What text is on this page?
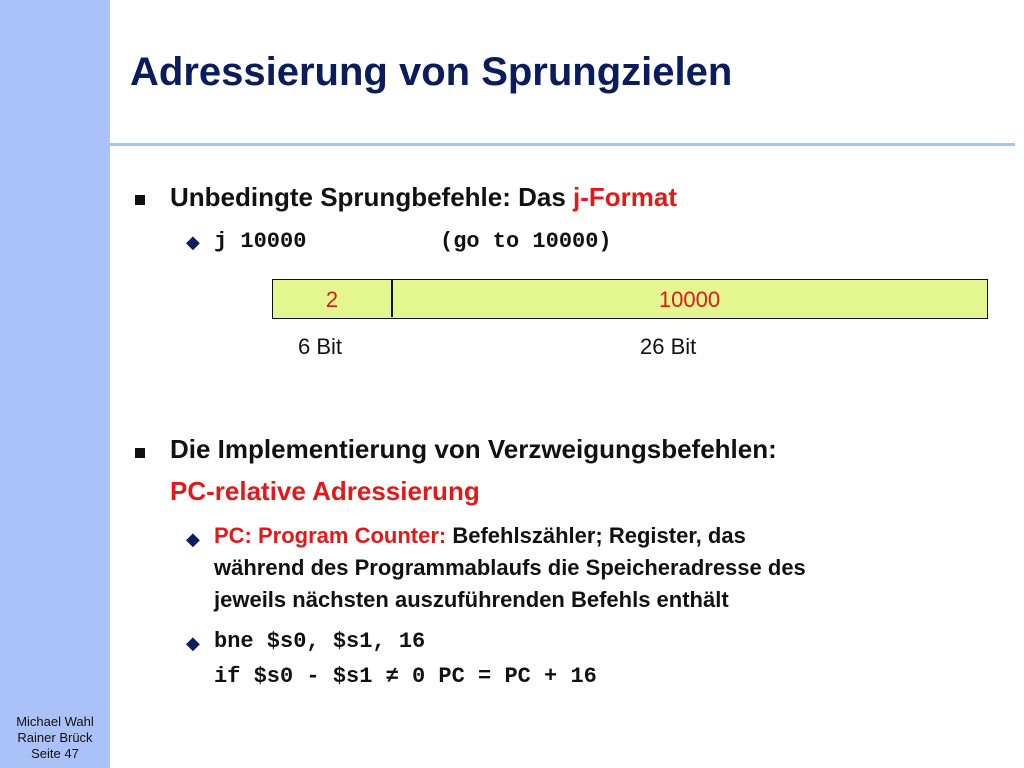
Michael Wahl
Rainer Brück
Seite 47
Adressierung von Sprungzielen
Unbedingte Sprungbefehle: Das j-Format
◆ j 10000	(go to 10000)
2	10000
6 Bit	26 Bit
Die Implementierung von Verzweigungsbefehlen:
PC-relative Adressierung
◆ PC: Program Counter: Befehlszähler; Register, das
während des Programmablaufs die Speicheradresse des
jeweils nächsten auszuführenden Befehls enthält
◆ bne $s0, $s1, 16
if $s0 - $s1 ≠ 0 PC = PC + 16
